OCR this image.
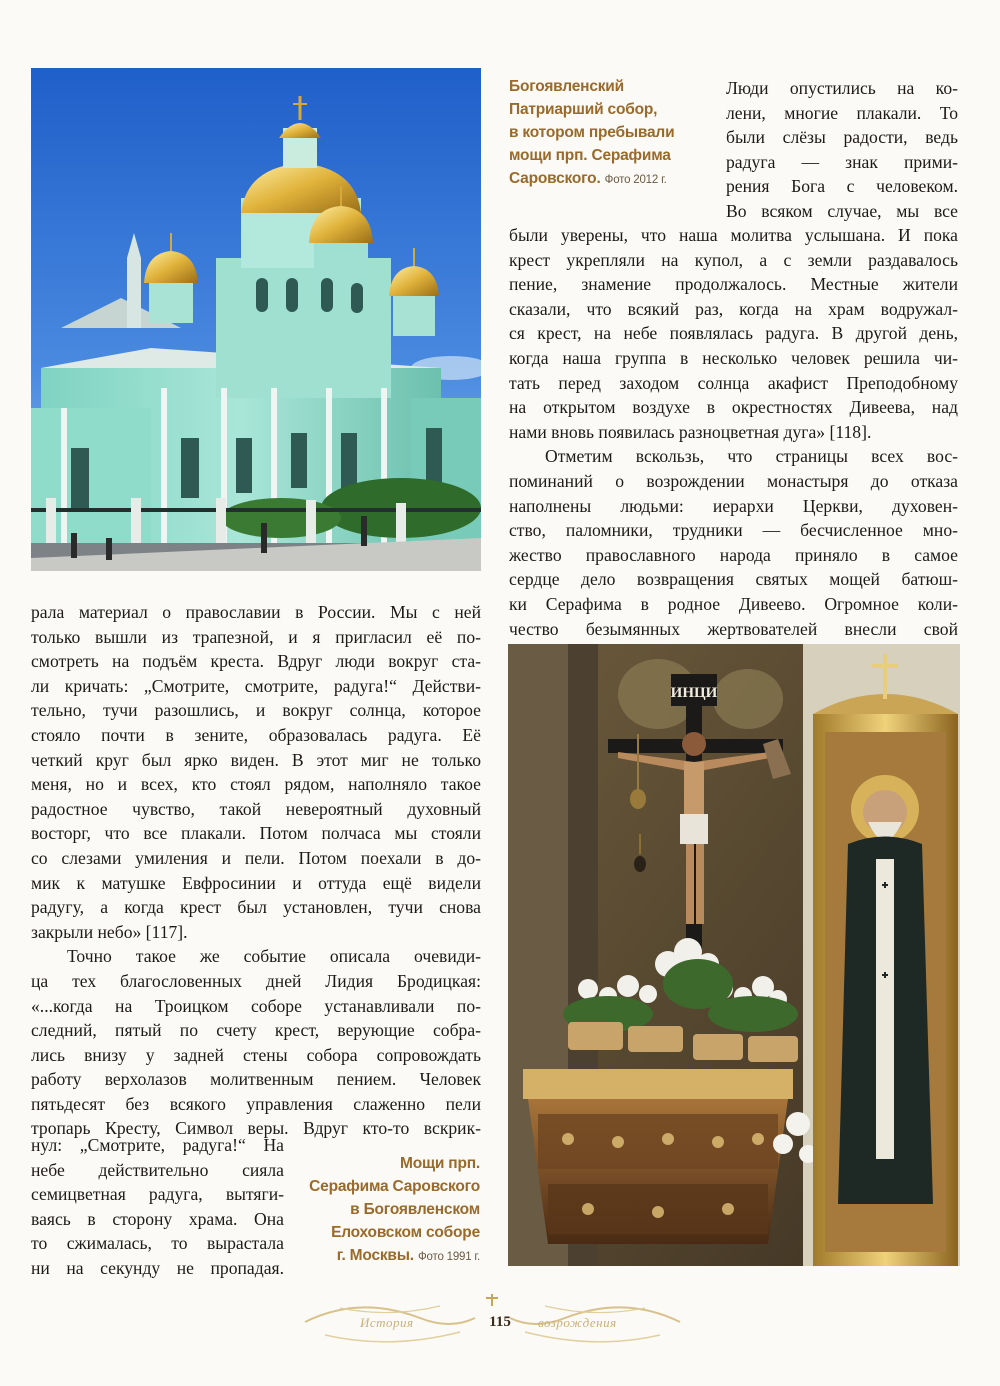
Богоявленский
Патриарший собор,
в котором пребывали
мощи прп. Серафима
Саровского. Фото 2012 г.
Люди опустились на ко-
лени, многие плакали. То
были слёзы радости, ведь
радуга — знак прими-
рения Бога с человеком.
Во всяком случае, мы все
были уверены, что наша молитва услышана. И пока
крест укрепляли на купол, а с земли раздавалось
пение, знамение продолжалось. Местные жители
сказали, что всякий раз, когда на храм водружал-
ся крест, на небе появлялась радуга. В другой день,
когда наша группа в несколько человек решила чи-
тать перед заходом солнца акафист Преподобному
на открытом воздухе в окрестностях Дивеева, над
нами вновь появилась разноцветная дуга» [118].
Отметим вскользь, что страницы всех вос-
поминаний о возрождении монастыря до отказа
наполнены людьми: иерархи Церкви, духовен-
ство, паломники, трудники — бесчисленное мно-
жество православного народа приняло в самое
сердце дело возвращения святых мощей батюш-
ки Серафима в родное Дивеево. Огромное коли-
чество безымянных жертвователей внесли свой
рала материал о православии в России. Мы с ней
только вышли из трапезной, и я пригласил её по-
смотреть на подъём креста. Вдруг люди вокруг ста-
ли кричать: „Смотрите, смотрите, радуга!“ Действи-
тельно, тучи разошлись, и вокруг солнца, которое
стояло почти в зените, образовалась радуга. Её
четкий круг был ярко виден. В этот миг не только
меня, но и всех, кто стоял рядом, наполняло такое
радостное чувство, такой невероятный духовный
восторг, что все плакали. Потом полчаса мы стояли
со слезами умиления и пели. Потом поехали в до-
мик к матушке Евфросинии и оттуда ещё видели
радугу, а когда крест был установлен, тучи снова
закрыли небо» [117].
Точно такое же событие описала очевиди-
ца тех благословенных дней Лидия Бродицкая:
«...когда на Троицком соборе устанавливали по-
следний, пятый по счету крест, верующие собра-
лись внизу у задней стены собора сопровождать
работу верхолазов молитвенным пением. Человек
пятьдесят без всякого управления слаженно пели
тропарь Кресту, Символ веры. Вдруг кто-то вскрик-
нул: „Смотрите, радуга!“ На
небе действительно сияла
семицветная радуга, вытяги-
ваясь в сторону храма. Она
то сжималась, то вырастала
ни на секунду не пропадая.
Мощи прп.
Серафима Саровского
в Богоявленском
Елоховском соборе
г. Москвы. Фото 1991 г.
ИНЦИ
История	возрождения
115
